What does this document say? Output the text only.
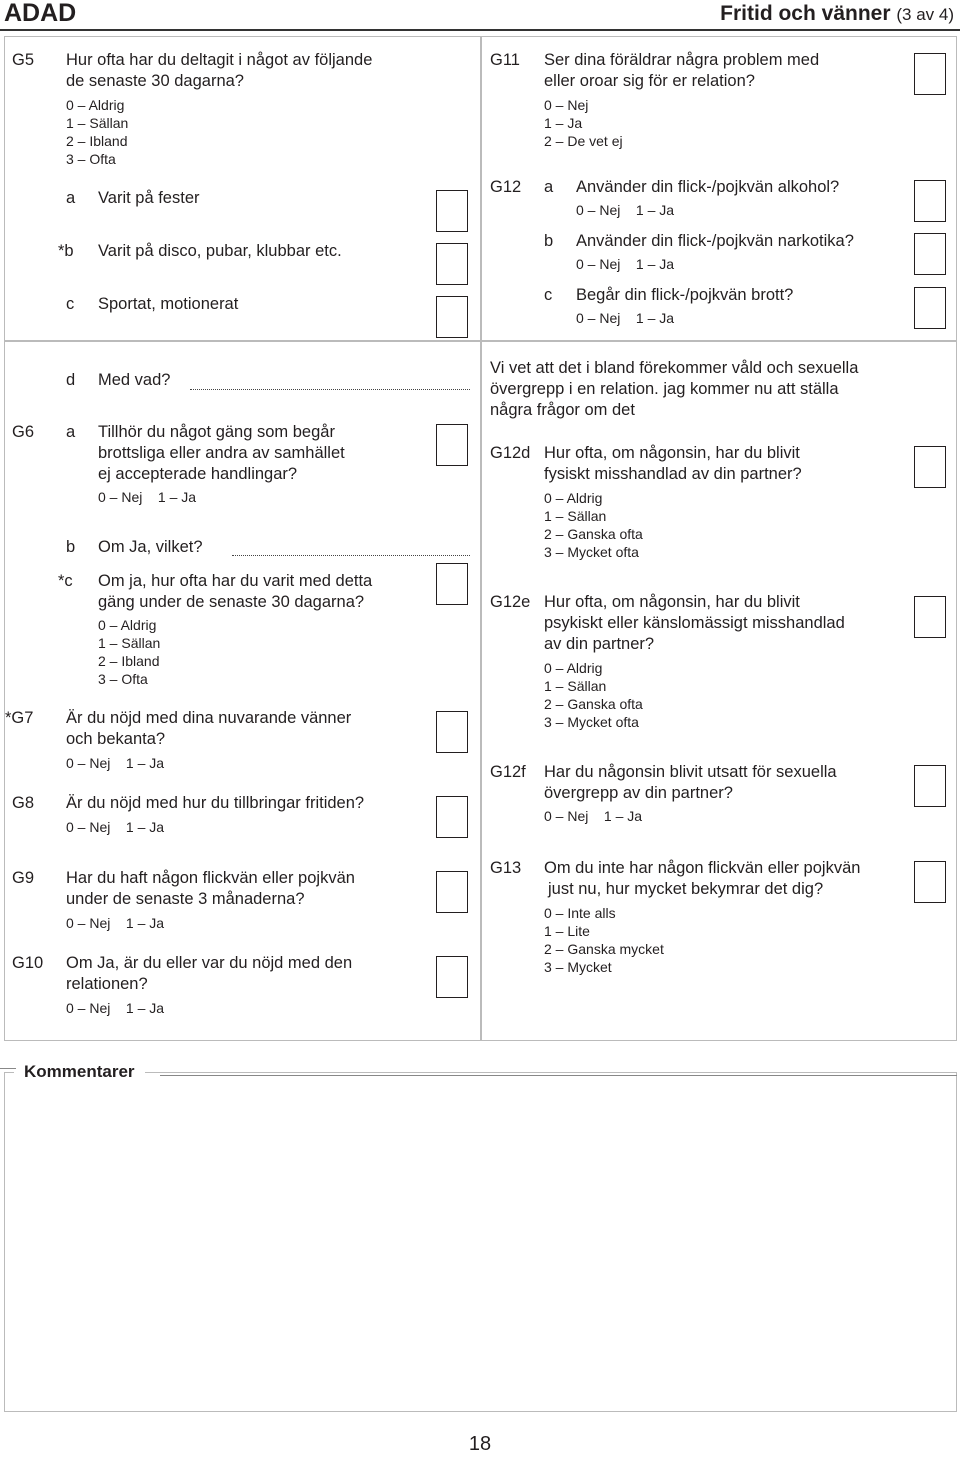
ADAD	Fritid och vänner (3 av 4)
G5 Hur ofta har du deltagit i något av följande
de senaste 30 dagarna?
0 – Aldrig
1 – Sällan
2 – Ibland
3 – Ofta
a Varit på fester
*b Varit på disco, pubar, klubbar etc.
c Sportat, motionerat
d Med vad?
G6 a Tillhör du något gäng som begår
brottsliga eller andra av samhället
ej accepterade handlingar?
0 – Nej    1 – Ja
b Om Ja, vilket?
*c Om ja, hur ofta har du varit med detta
gäng under de senaste 30 dagarna?
0 – Aldrig
1 – Sällan
2 – Ibland
3 – Ofta
*G7 Är du nöjd med dina nuvarande vänner
och bekanta?
0 – Nej    1 – Ja
G8 Är du nöjd med hur du tillbringar fritiden?
0 – Nej    1 – Ja
G9 Har du haft någon flickvän eller pojkvän
under de senaste 3 månaderna?
0 – Nej    1 – Ja
G10 Om Ja, är du eller var du nöjd med den
relationen?
0 – Nej    1 – Ja
G11 Ser dina föräldrar några problem med
eller oroar sig för er relation?
0 – Nej
1 – Ja
2 – De vet ej
G12 a Använder din flick-/pojkvän alkohol?
0 – Nej    1 – Ja
b Använder din flick-/pojkvän narkotika?
0 – Nej    1 – Ja
c Begår din flick-/pojkvän brott?
0 – Nej    1 – Ja
Vi vet att det i bland förekommer våld och sexuella
övergrepp i en relation. jag kommer nu att ställa
några frågor om det
G12d Hur ofta, om någonsin, har du blivit
fysiskt misshandlad av din partner?
0 – Aldrig
1 – Sällan
2 – Ganska ofta
3 – Mycket ofta
G12e Hur ofta, om någonsin, har du blivit
psykiskt eller känslomässigt misshandlad
av din partner?
0 – Aldrig
1 – Sällan
2 – Ganska ofta
3 – Mycket ofta
G12f Har du någonsin blivit utsatt för sexuella
övergrepp av din partner?
0 – Nej    1 – Ja
G13 Om du inte har någon flickvän eller pojkvän
just nu, hur mycket bekymrar det dig?
0 – Inte alls
1 – Lite
2 – Ganska mycket
3 – Mycket
Kommentarer
18
